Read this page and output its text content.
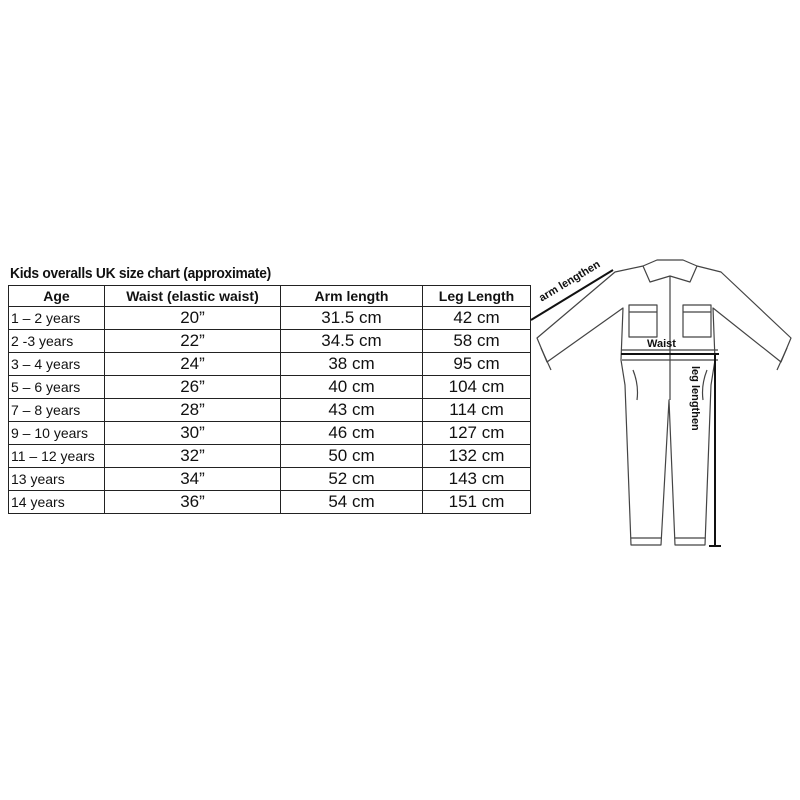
Kids overalls UK size chart (approximate)
Age	Waist (elastic waist)	Arm length	Leg Length
1 – 2 years	20”	31.5 cm	42 cm
2 -3 years	22”	34.5 cm	58 cm
3 – 4 years	24”	38 cm	95 cm
5 – 6 years	26”	40 cm	104 cm
7 – 8 years	28”	43 cm	114 cm
9 – 10 years	30”	46 cm	127 cm
11 – 12 years	32”	50 cm	132 cm
13 years	34”	52 cm	143 cm
14 years	36”	54 cm	151 cm
arm lengthen
Waist
leg lengthen
